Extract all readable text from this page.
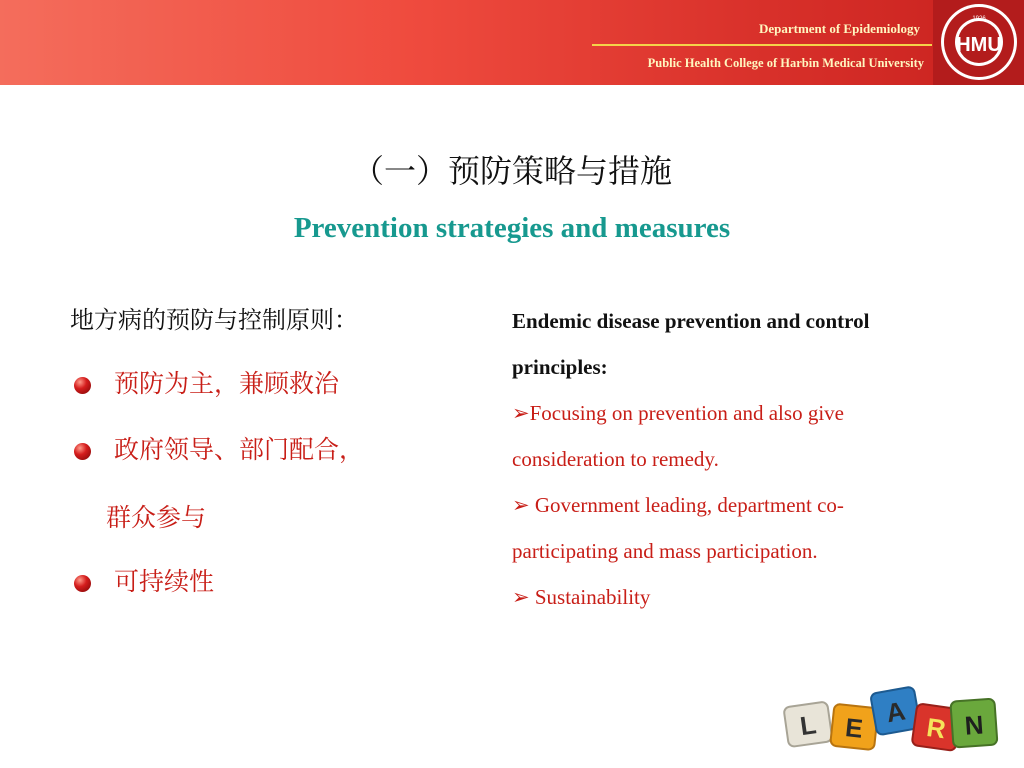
Department of Epidemiology
Public Health College of Harbin Medical University
1926
HMU
（一）预防策略与措施
Prevention strategies and measures
地方病的预防与控制原则：
预防为主，兼顾救治
政府领导、部门配合，
可持续性
群众参与
Endemic disease prevention and control
principles:
➢Focusing on prevention and also give
consideration to remedy.
➢ Government leading, department co-
participating and mass participation.
➢ Sustainability
L E A R N
